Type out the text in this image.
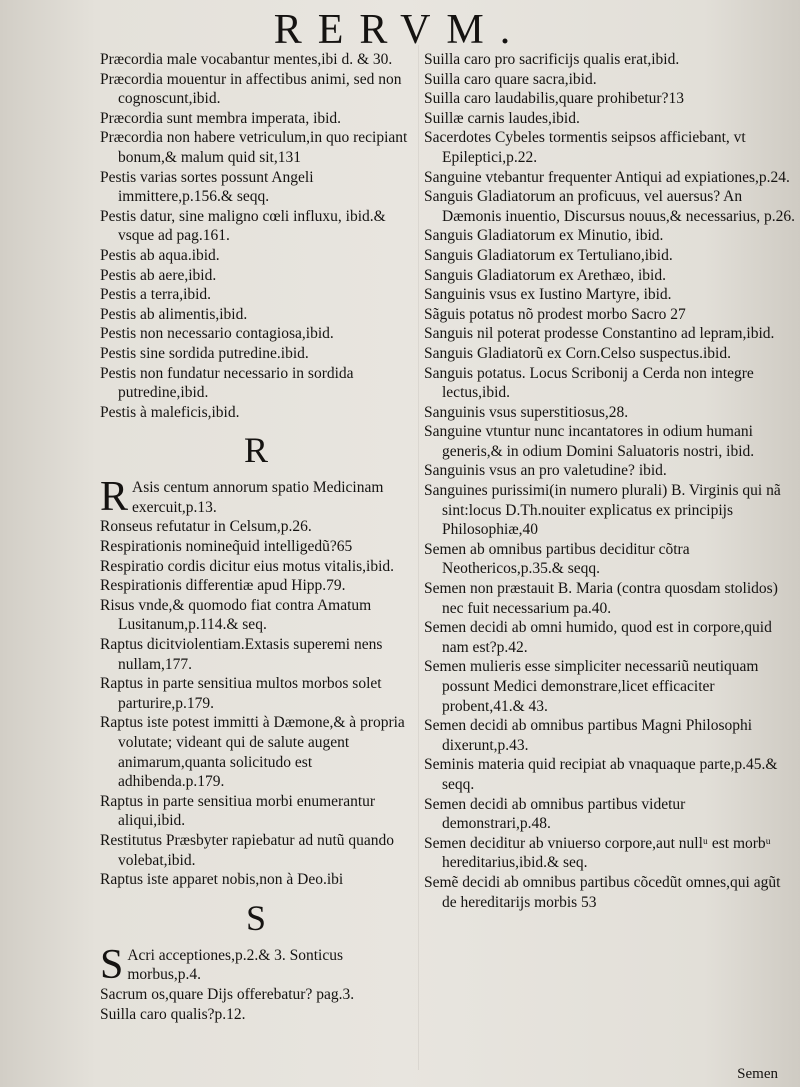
RERVM.

Præcordia male vocabantur mentes,ibi d. & 30.

Præcordia mouentur in affectibus animi, sed non cognoscunt,ibid.

Præcordia sunt membra imperata, ibid.

Præcordia non habere vetriculum,in quo recipiant bonum,& malum quid sit,131

Pestis varias sortes possunt Angeli immittere,p.156.& seqq.

Pestis datur, sine maligno cœli influxu, ibid.& vsque ad pag.161.

Pestis ab aqua.ibid.

Pestis ab aere,ibid.

Pestis a terra,ibid.

Pestis ab alimentis,ibid.

Pestis non necessario contagiosa,ibid.

Pestis sine sordida putredine.ibid.

Pestis non fundatur necessario in sordida putredine,ibid.

Pestis à maleficis,ibid.

R

R Asis centum annorum spatio Medicinam exercuit,p.13.

Ronseus refutatur in Celsum,p.26.

Respirationis nomineq̃uid intelligedũ?65

Respiratio cordis dicitur eius motus vitalis,ibid.

Respirationis differentiæ apud Hipp.79.

Risus vnde,& quomodo fiat contra Amatum Lusitanum,p.114.& seq.

Raptus dicitviolentiam.Extasis superemi nens nullam,177.

Raptus in parte sensitiua multos morbos solet parturire,p.179.

Raptus iste potest immitti à Dæmone,& à propria volutate; videant qui de salute augent animarum,quanta solicitudo est adhibenda.p.179.

Raptus in parte sensitiua morbi enumerantur aliqui,ibid.

Restitutus Præsbyter rapiebatur ad nutũ quando volebat,ibid.

Raptus iste apparet nobis,non à Deo.ibi

S

S Acri acceptiones,p.2.& 3. Sonticus morbus,p.4.

Sacrum os,quare Dijs offerebatur? pag.3.

Suilla caro qualis?p.12.

Suilla caro pro sacrificijs qualis erat,ibid.

Suilla caro quare sacra,ibid.

Suilla caro laudabilis,quare prohibetur?13

Suillæ carnis laudes,ibid.

Sacerdotes Cybeles tormentis seipsos afficiebant, vt Epileptici,p.22.

Sanguine vtebantur frequenter Antiqui ad expiationes,p.24.

Sanguis Gladiatorum an proficuus, vel auersus? An Dæmonis inuentio, Discursus nouus,& necessarius, p.26.

Sanguis Gladiatorum ex Minutio, ibid.

Sanguis Gladiatorum ex Tertuliano,ibid.

Sanguis Gladiatorum ex Arethæo, ibid.

Sanguinis vsus ex Iustino Martyre, ibid.

Sãguis potatus nõ prodest morbo Sacro 27

Sanguis nil poterat prodesse Constantino ad lepram,ibid.

Sanguis Gladiatorũ ex Corn.Celso suspectus.ibid.

Sanguis potatus. Locus Scribonij a Cerda non integre lectus,ibid.

Sanguinis vsus superstitiosus,28.

Sanguine vtuntur nunc incantatores in odium humani generis,& in odium Domini Saluatoris nostri, ibid.

Sanguinis vsus an pro valetudine? ibid.

Sanguines purissimi(in numero plurali) B. Virginis qui nã sint:locus D.Th.nouiter explicatus ex principijs Philosophiæ,40

Semen ab omnibus partibus deciditur cõtra Neothericos,p.35.& seqq.

Semen non præstauit B. Maria (contra quosdam stolidos) nec fuit necessarium pa.40.

Semen decidi ab omni humido, quod est in corpore,quid nam est?p.42.

Semen mulieris esse simpliciter necessariũ neutiquam possunt Medici demonstrare,licet efficaciter probent,41.& 43.

Semen decidi ab omnibus partibus Magni Philosophi dixerunt,p.43.

Seminis materia quid recipiat ab vnaquaque parte,p.45.& seqq.

Semen decidi ab omnibus partibus videtur demonstrari,p.48.

Semen deciditur ab vniuerso corpore,aut nullᵘ est morbᵘ hereditarius,ibid.& seq.

Semẽ decidi ab omnibus partibus cõcedũt omnes,qui agũt de hereditarijs morbis 53

Semen
